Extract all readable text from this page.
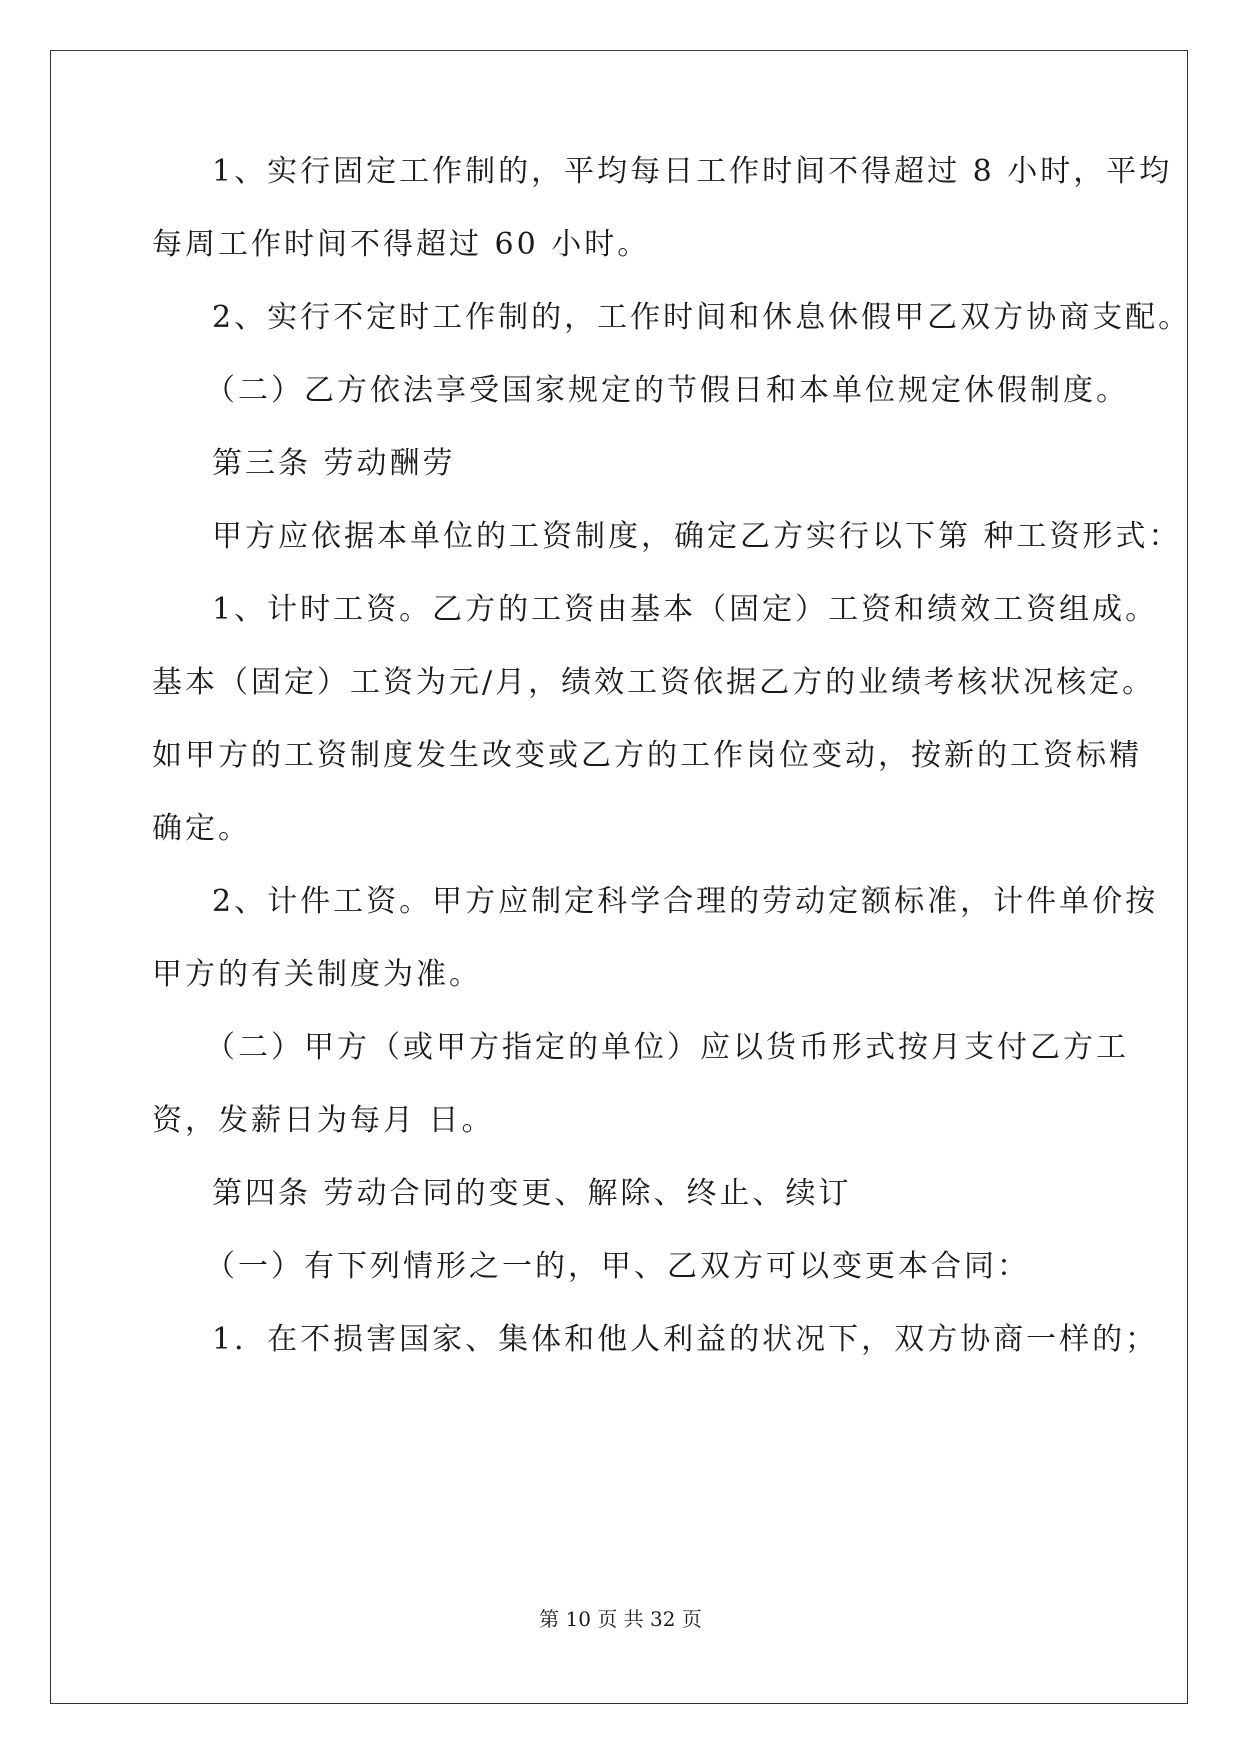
1、实行固定工作制的，平均每日工作时间不得超过 8 小时，平均
每周工作时间不得超过 60 小时。
2、实行不定时工作制的，工作时间和休息休假甲乙双方协商支配。
（二）乙方依法享受国家规定的节假日和本单位规定休假制度。
第三条 劳动酬劳
甲方应依据本单位的工资制度，确定乙方实行以下第 种工资形式：
1、计时工资。乙方的工资由基本（固定）工资和绩效工资组成。
基本（固定）工资为元/月，绩效工资依据乙方的业绩考核状况核定。
如甲方的工资制度发生改变或乙方的工作岗位变动，按新的工资标精
确定。
2、计件工资。甲方应制定科学合理的劳动定额标准，计件单价按
甲方的有关制度为准。
（二）甲方（或甲方指定的单位）应以货币形式按月支付乙方工
资，发薪日为每月 日。
第四条 劳动合同的变更、解除、终止、续订
（一）有下列情形之一的，甲、乙双方可以变更本合同：
1．在不损害国家、集体和他人利益的状况下，双方协商一样的；
第 10 页 共 32 页
